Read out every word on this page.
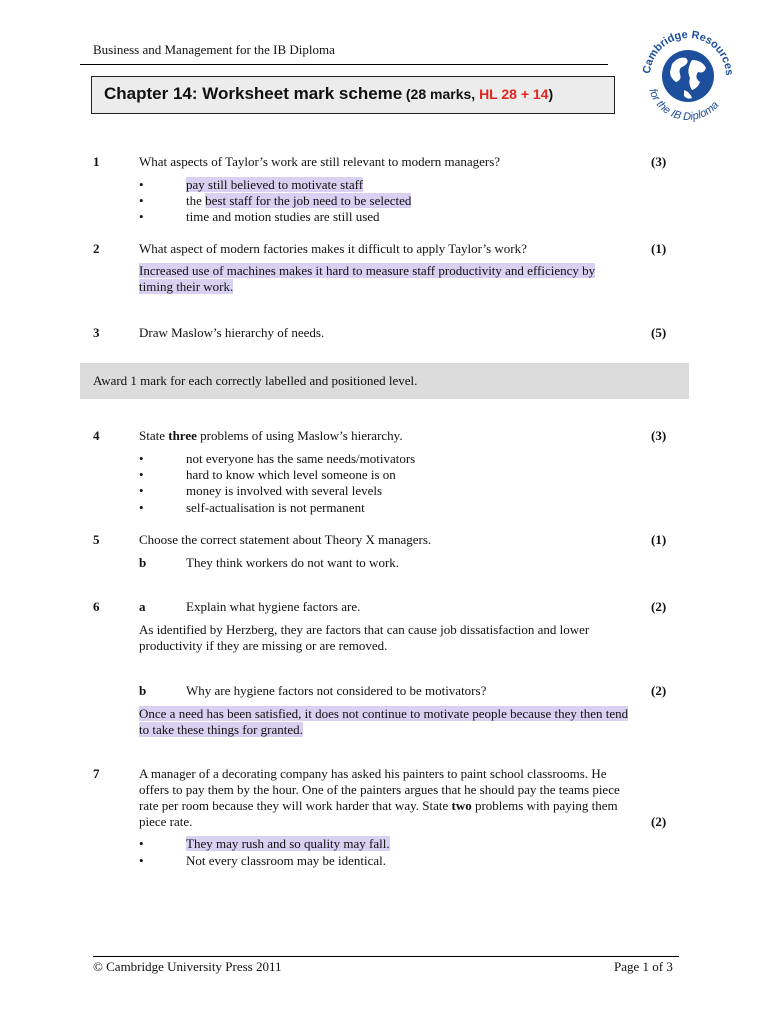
Business and Management for the IB Diploma
Chapter 14: Worksheet mark scheme (28 marks, HL 28 + 14)
Cambridge Resources
for the IB Diploma
1	What aspects of Taylor’s work are still relevant to modern managers?	(3)
•	pay still believed to motivate staff
•	the best staff for the job need to be selected
•	time and motion studies are still used
2	What aspect of modern factories makes it difficult to apply Taylor’s work?	(1)
Increased use of machines makes it hard to measure staff productivity and efficiency by
timing their work.
3	Draw Maslow’s hierarchy of needs.	(5)
Award 1 mark for each correctly labelled and positioned level.
4	State three problems of using Maslow’s hierarchy.	(3)
•	not everyone has the same needs/motivators
•	hard to know which level someone is on
•	money is involved with several levels
•	self-actualisation is not permanent
5	Choose the correct statement about Theory X managers.	(1)
b	They think workers do not want to work.
6	a	Explain what hygiene factors are.	(2)
As identified by Herzberg, they are factors that can cause job dissatisfaction and lower
productivity if they are missing or are removed.
b	Why are hygiene factors not considered to be motivators?	(2)
Once a need has been satisfied, it does not continue to motivate people because they then tend
to take these things for granted.
7	A manager of a decorating company has asked his painters to paint school classrooms. He
offers to pay them by the hour. One of the painters argues that he should pay the teams piece
rate per room because they will work harder that way. State two problems with paying them
piece rate.	(2)
•	They may rush and so quality may fall.
•	Not every classroom may be identical.
© Cambridge University Press 2011	Page 1 of 3
